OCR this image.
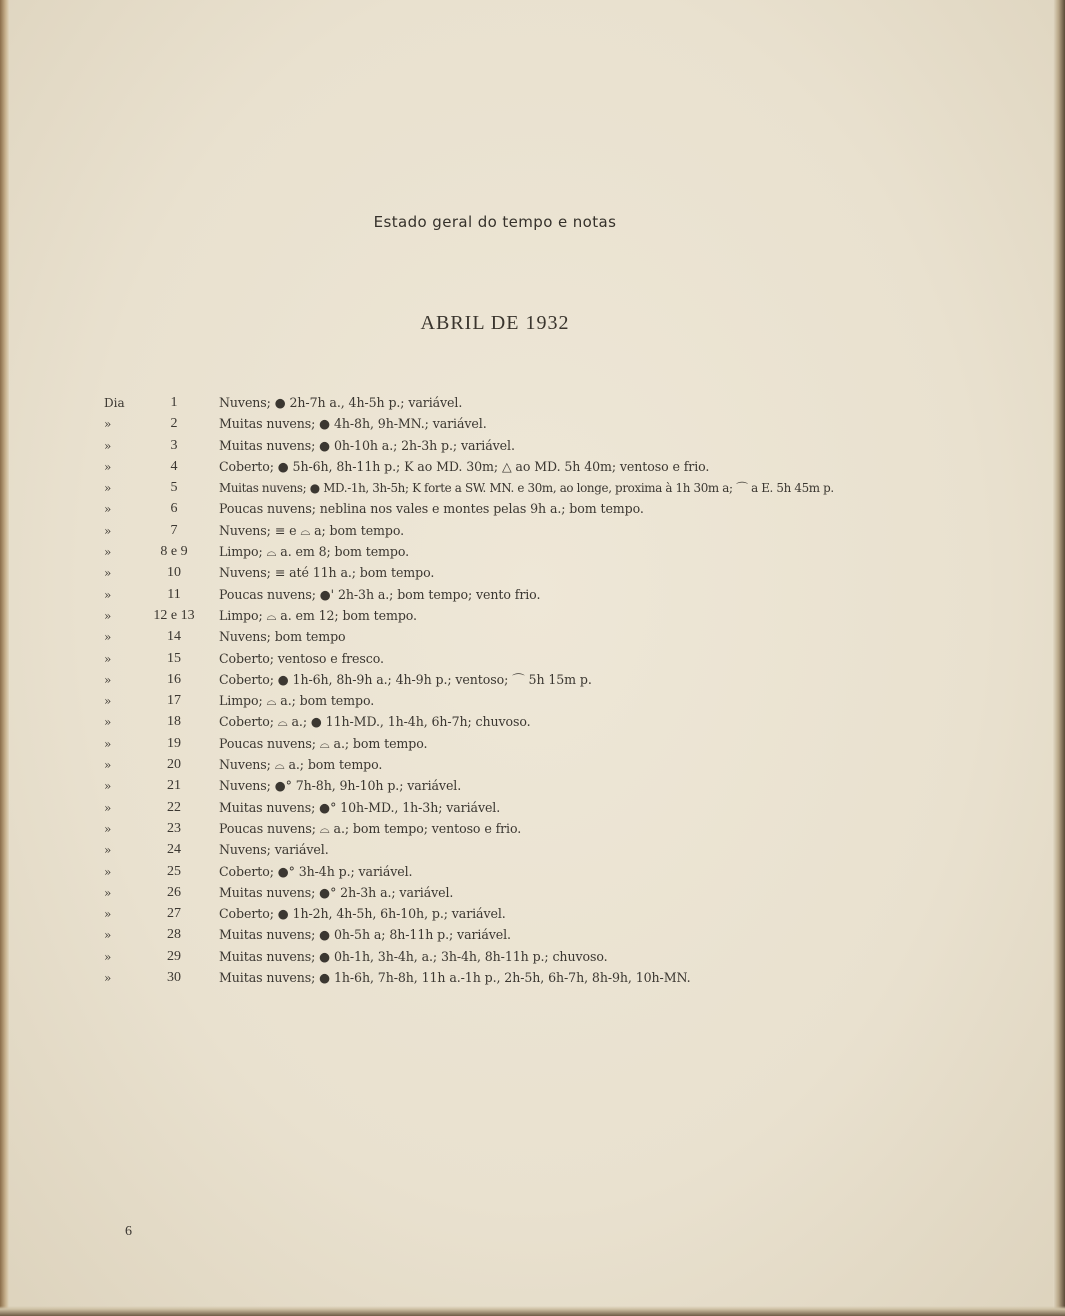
Estado geral do tempo e notas
ABRIL DE 1932
Dia	1	Nuvens; ● 2h-7h a., 4h-5h p.; variável.
»	2	Muitas nuvens; ● 4h-8h, 9h-MN.; variável.
»	3	Muitas nuvens; ● 0h-10h a.; 2h-3h p.; variável.
»	4	Coberto; ● 5h-6h, 8h-11h p.; K ao MD. 30m; △ ao MD. 5h 40m; ventoso e frio.
»	5	Muitas nuvens; ● MD.-1h, 3h-5h; K forte a SW. MN. e 30m, ao longe, proxima à 1h 30m a; ⌒ a E. 5h 45m p.
»	6	Poucas nuvens; neblina nos vales e montes pelas 9h a.; bom tempo.
»	7	Nuvens; ≡ e ⌓ a; bom tempo.
»	8 e 9	Limpo; ⌓ a. em 8; bom tempo.
»	10	Nuvens; ≡ até 11h a.; bom tempo.
»	11	Poucas nuvens; ●' 2h-3h a.; bom tempo; vento frio.
»	12 e 13	Limpo; ⌓ a. em 12; bom tempo.
»	14	Nuvens; bom tempo
»	15	Coberto; ventoso e fresco.
»	16	Coberto; ● 1h-6h, 8h-9h a.; 4h-9h p.; ventoso; ⌒ 5h 15m p.
»	17	Limpo; ⌓ a.; bom tempo.
»	18	Coberto; ⌓ a.; ● 11h-MD., 1h-4h, 6h-7h; chuvoso.
»	19	Poucas nuvens; ⌓ a.; bom tempo.
»	20	Nuvens; ⌓ a.; bom tempo.
»	21	Nuvens; ●° 7h-8h, 9h-10h p.; variável.
»	22	Muitas nuvens; ●° 10h-MD., 1h-3h; variável.
»	23	Poucas nuvens; ⌓ a.; bom tempo; ventoso e frio.
»	24	Nuvens; variável.
»	25	Coberto; ●° 3h-4h p.; variável.
»	26	Muitas nuvens; ●° 2h-3h a.; variável.
»	27	Coberto; ● 1h-2h, 4h-5h, 6h-10h, p.; variável.
»	28	Muitas nuvens; ● 0h-5h a; 8h-11h p.; variável.
»	29	Muitas nuvens; ● 0h-1h, 3h-4h, a.; 3h-4h, 8h-11h p.; chuvoso.
»	30	Muitas nuvens; ● 1h-6h, 7h-8h, 11h a.-1h p., 2h-5h, 6h-7h, 8h-9h, 10h-MN.
6
